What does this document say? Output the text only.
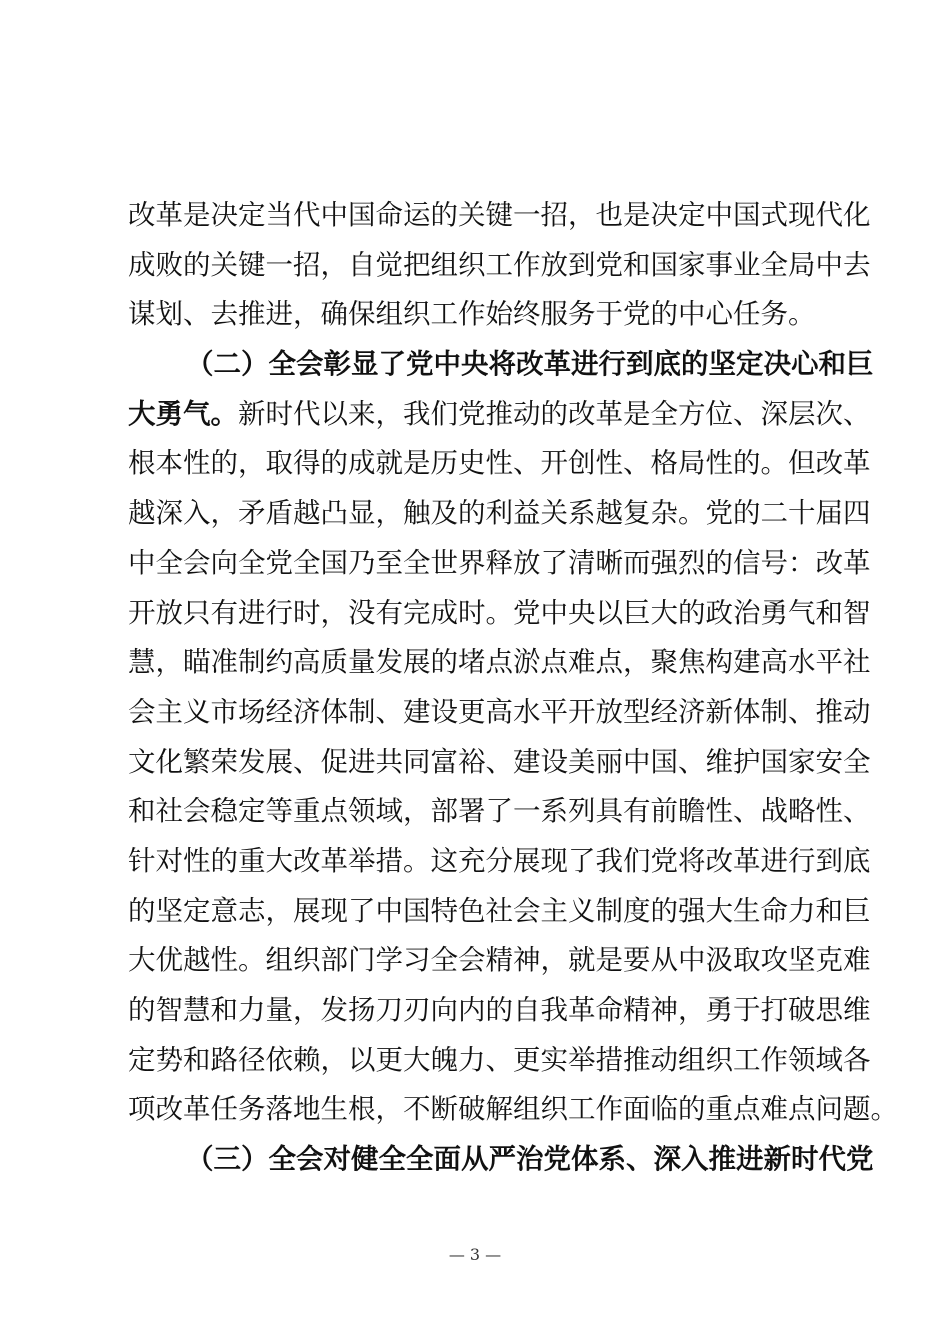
改革是决定当代中国命运的关键一招，也是决定中国式现代化
成败的关键一招，自觉把组织工作放到党和国家事业全局中去
谋划、去推进，确保组织工作始终服务于党的中心任务。
（二）全会彰显了党中央将改革进行到底的坚定决心和巨
大勇气。新时代以来，我们党推动的改革是全方位、深层次、
根本性的，取得的成就是历史性、开创性、格局性的。但改革
越深入，矛盾越凸显，触及的利益关系越复杂。党的二十届四
中全会向全党全国乃至全世界释放了清晰而强烈的信号：改革
开放只有进行时，没有完成时。党中央以巨大的政治勇气和智
慧，瞄准制约高质量发展的堵点淤点难点，聚焦构建高水平社
会主义市场经济体制、建设更高水平开放型经济新体制、推动
文化繁荣发展、促进共同富裕、建设美丽中国、维护国家安全
和社会稳定等重点领域，部署了一系列具有前瞻性、战略性、
针对性的重大改革举措。这充分展现了我们党将改革进行到底
的坚定意志，展现了中国特色社会主义制度的强大生命力和巨
大优越性。组织部门学习全会精神，就是要从中汲取攻坚克难
的智慧和力量，发扬刀刃向内的自我革命精神，勇于打破思维
定势和路径依赖，以更大魄力、更实举措推动组织工作领域各
项改革任务落地生根，不断破解组织工作面临的重点难点问题。
（三）全会对健全全面从严治党体系、深入推进新时代党
— 3 —
